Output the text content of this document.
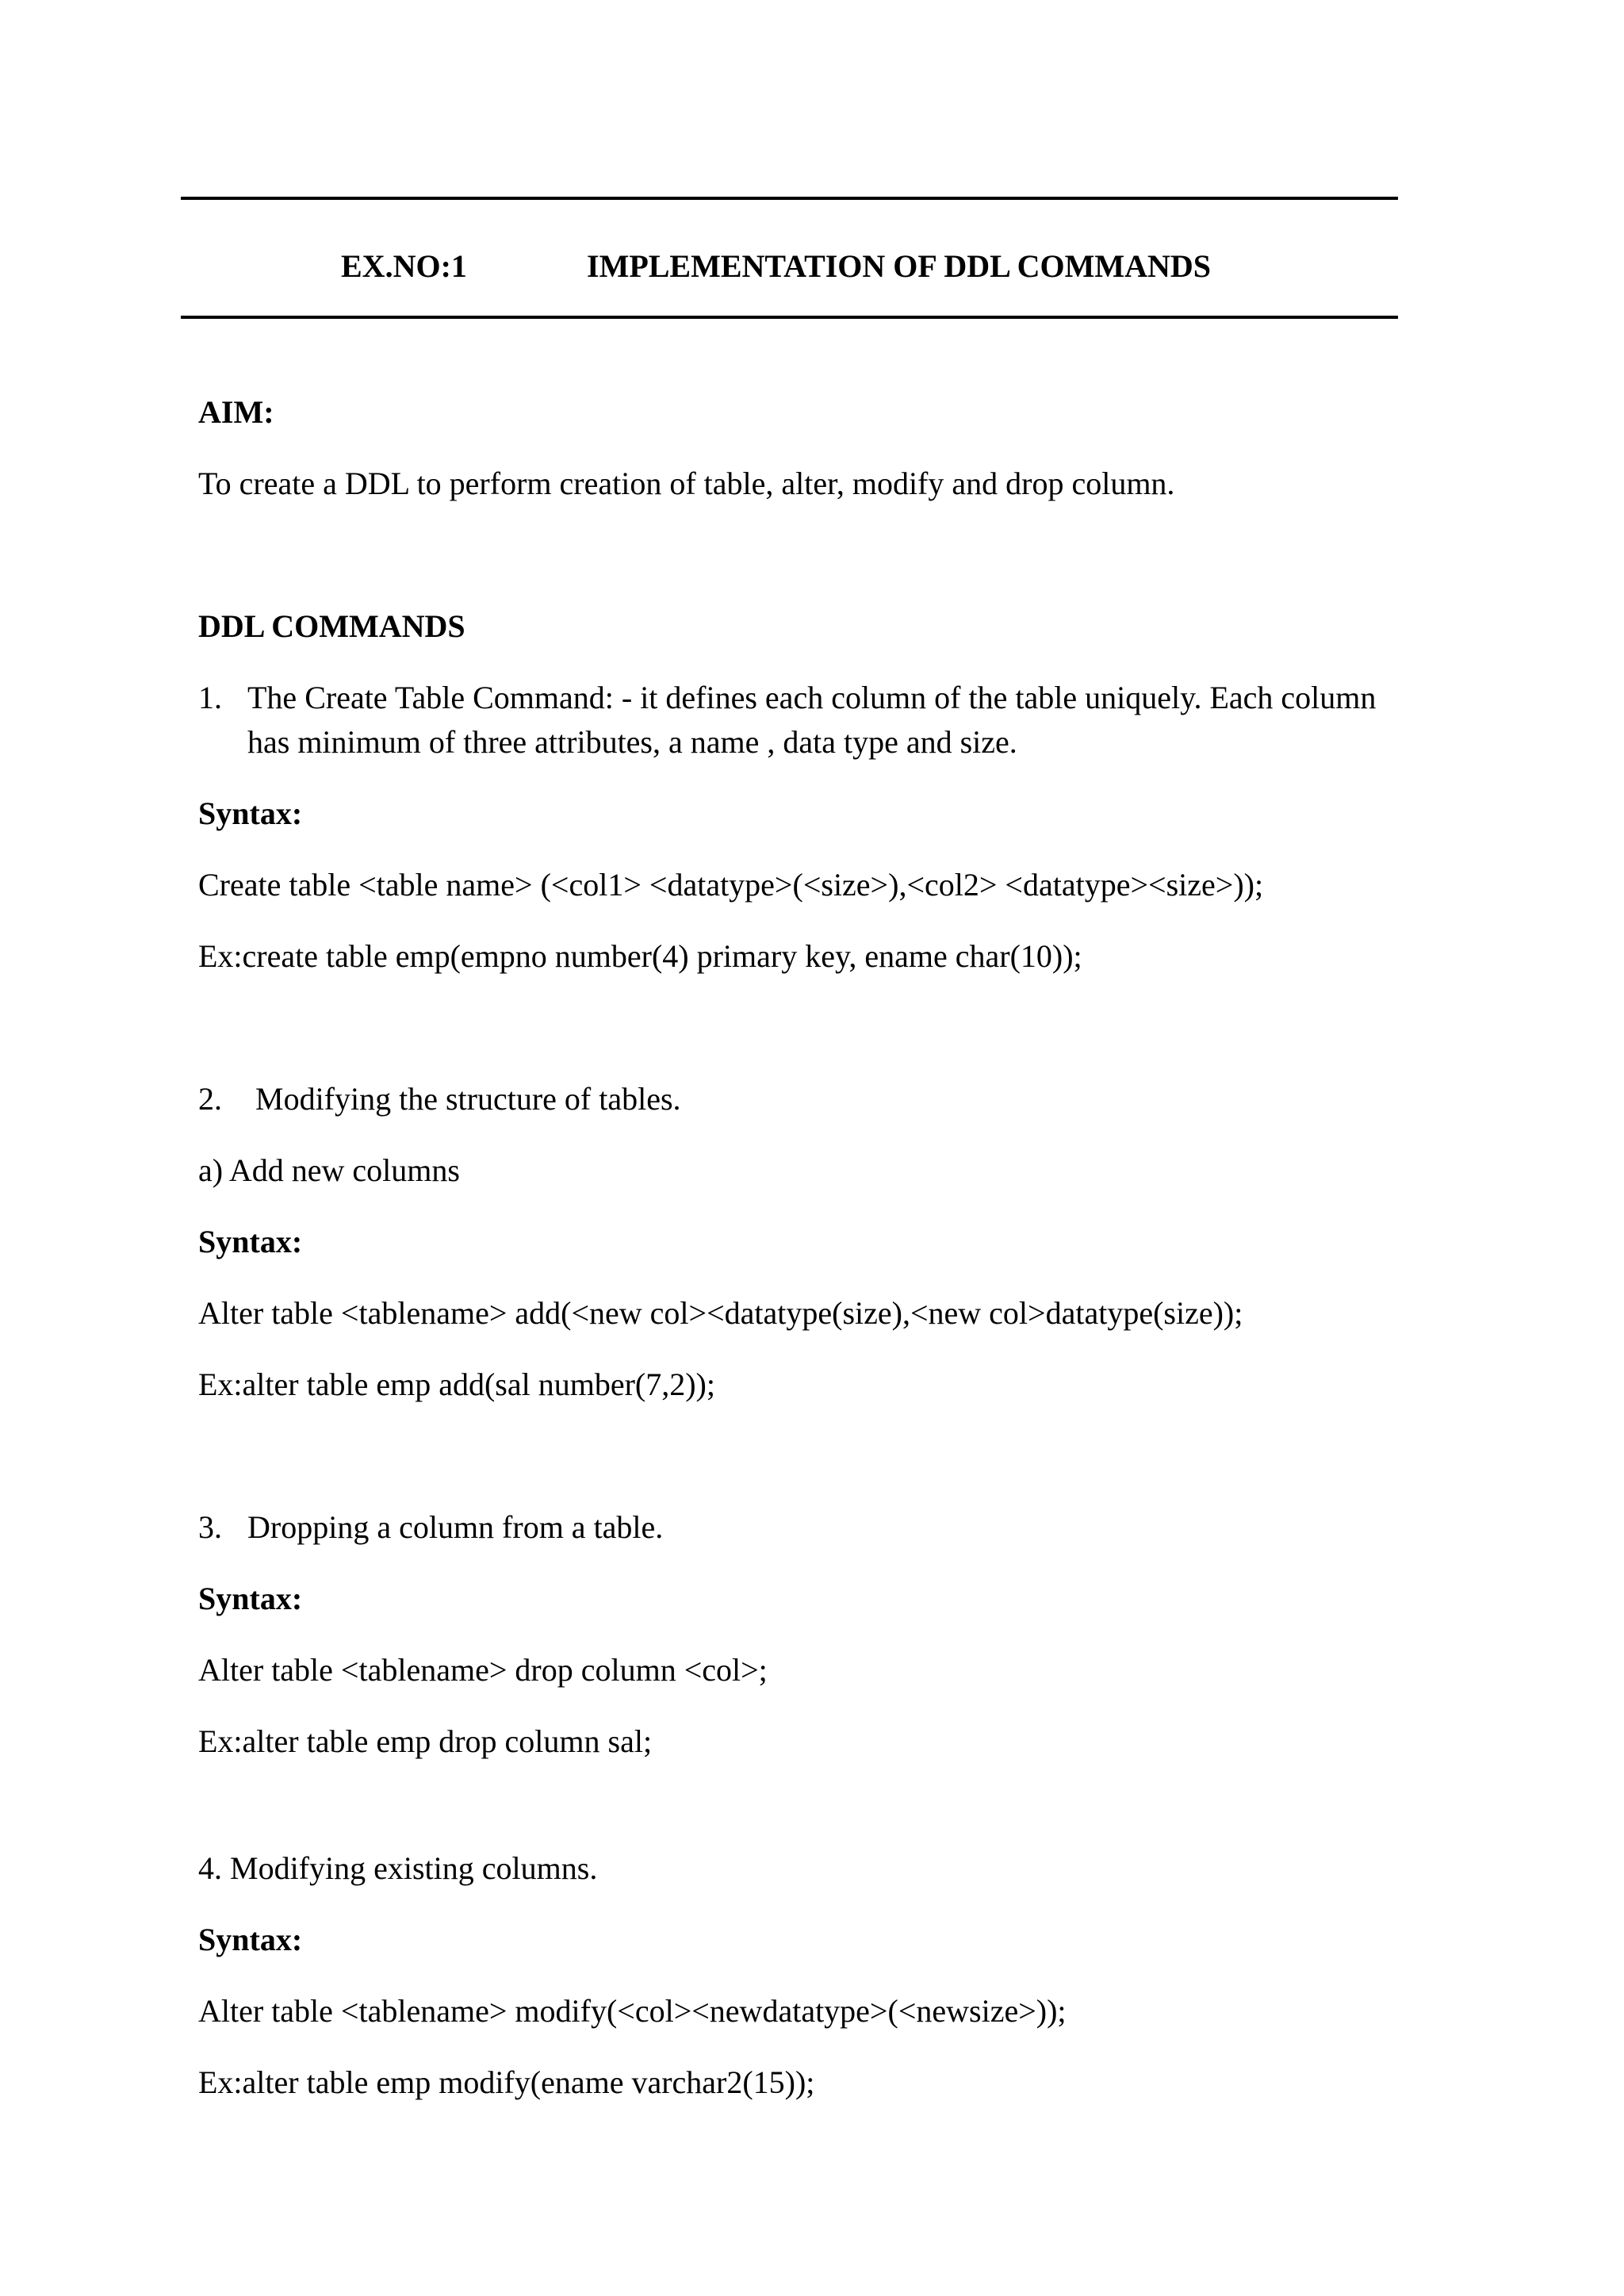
EX.NO:1	IMPLEMENTATION OF DDL COMMANDS
AIM:
To create a DDL to perform creation of table, alter, modify and drop column.
DDL COMMANDS
1. The Create Table Command: - it defines each column of the table uniquely. Each column
has minimum of three attributes, a name , data type and size.
Syntax:
Create table <table name> (<col1> <datatype>(<size>),<col2> <datatype><size>));
Ex:create table emp(empno number(4) primary key, ename char(10));
2. Modifying the structure of tables.
a) Add new columns
Syntax:
Alter table <tablename> add(<new col><datatype(size),<new col>datatype(size));
Ex:alter table emp add(sal number(7,2));
3. Dropping a column from a table.
Syntax:
Alter table <tablename> drop column <col>;
Ex:alter table emp drop column sal;
4. Modifying existing columns.
Syntax:
Alter table <tablename> modify(<col><newdatatype>(<newsize>));
Ex:alter table emp modify(ename varchar2(15));
